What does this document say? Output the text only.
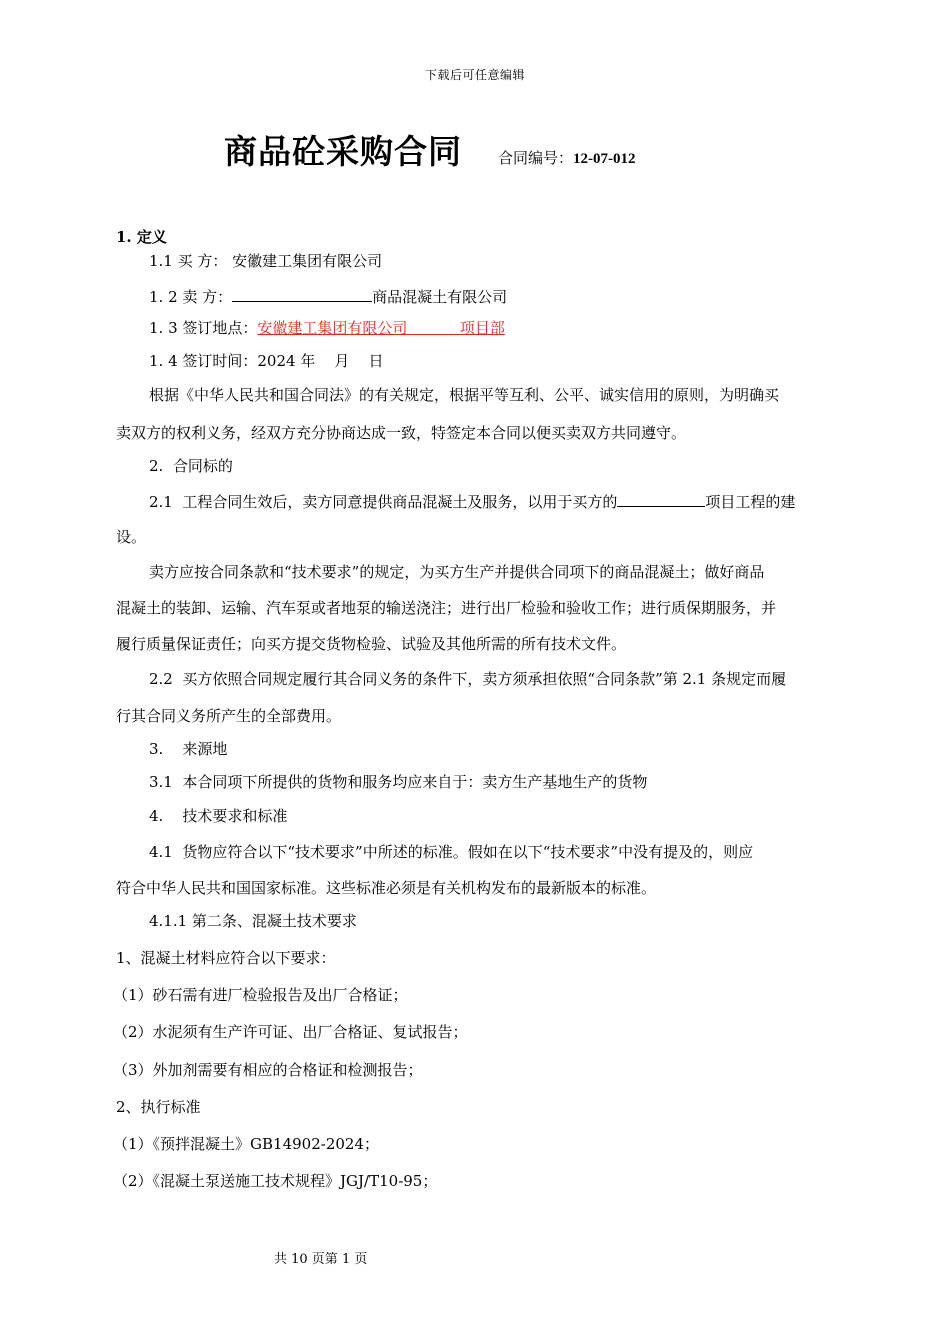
下载后可任意编辑
商品砼采购合同 合同编号：12-07-012
1. 定义
1.1 买 方： 安徽建工集团有限公司
1. 2 卖 方：	商品混凝土有限公司
1. 3 签订地点：安徽建工集团有限公司           项目部
1. 4 签订时间：2024 年    月    日
根据《中华人民共和国合同法》的有关规定，根据平等互利、公平、诚实信用的原则，为明确买
卖双方的权利义务，经双方充分协商达成一致，特签定本合同以便买卖双方共同遵守。
2.  合同标的
2.1  工程合同生效后，卖方同意提供商品混凝土及服务，以用于买方的	项目工程的建
设。
卖方应按合同条款和“技术要求”的规定，为买方生产并提供合同项下的商品混凝土；做好商品
混凝土的装卸、运输、汽车泵或者地泵的输送浇注；进行出厂检验和验收工作；进行质保期服务，并
履行质量保证责任；向买方提交货物检验、试验及其他所需的所有技术文件。
2.2  买方依照合同规定履行其合同义务的条件下，卖方须承担依照“合同条款”第 2.1 条规定而履
行其合同义务所产生的全部费用。
3.    来源地
3.1  本合同项下所提供的货物和服务均应来自于：卖方生产基地生产的货物
4.    技术要求和标准
4.1  货物应符合以下“技术要求”中所述的标准。假如在以下“技术要求”中没有提及的，则应
符合中华人民共和国国家标准。这些标准必须是有关机构发布的最新版本的标准。
4.1.1 第二条、混凝土技术要求
1、混凝土材料应符合以下要求：
（1）砂石需有进厂检验报告及出厂合格证；
（2）水泥须有生产许可证、出厂合格证、复试报告；
（3）外加剂需要有相应的合格证和检测报告；
2、执行标准
（1）《预拌混凝土》GB14902-2024；
（2）《混凝土泵送施工技术规程》JGJ/T10-95；
共 10 页第 1 页
